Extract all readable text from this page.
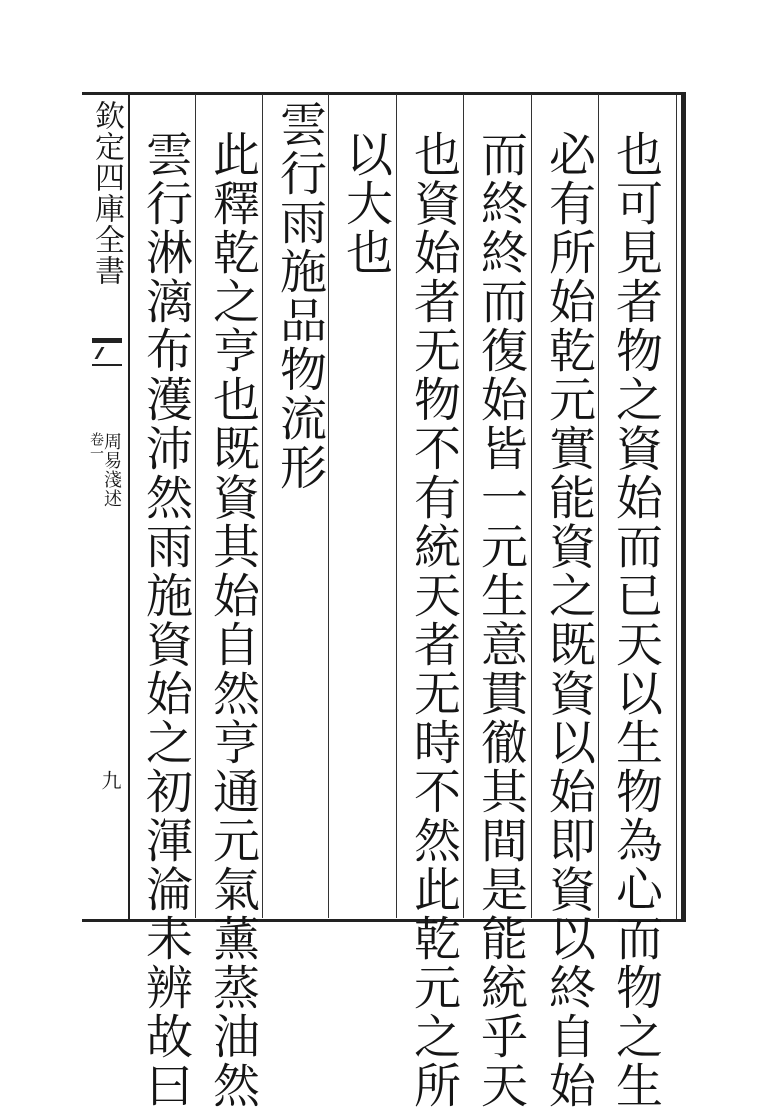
欽定四庫全書
周易淺述
卷一
九	也可見者物之資始而已天以生物為心而物之生
必有所始乾元實能資之既資以始即資以終自始
而終終而復始皆一元生意貫徹其間是能統乎天
也資始者无物不有統天者无時不然此乾元之所
以大也
雲行雨施品物流形
此釋乾之亨也既資其始自然亨通元氣薰蒸油然
雲行淋漓布濩沛然雨施資始之初渾淪未辨故曰
